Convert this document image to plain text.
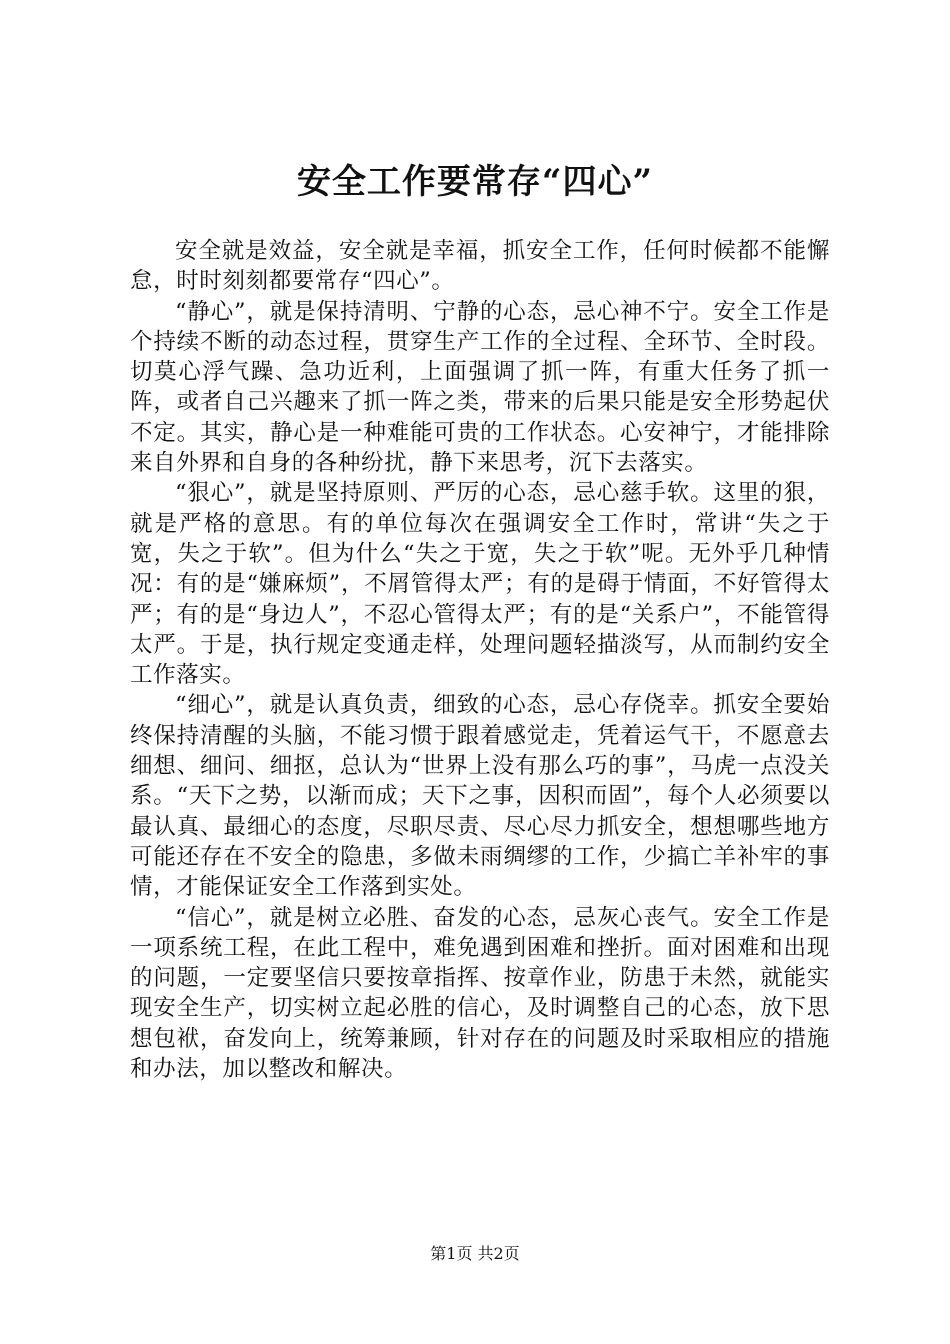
安全工作要常存“四心”

安全就是效益，安全就是幸福，抓安全工作，任何时候都不能懈怠，时时刻刻都要常存“四心”。

“静心”，就是保持清明、宁静的心态，忌心神不宁。安全工作是个持续不断的动态过程，贯穿生产工作的全过程、全环节、全时段。切莫心浮气躁、急功近利，上面强调了抓一阵，有重大任务了抓一阵，或者自己兴趣来了抓一阵之类，带来的后果只能是安全形势起伏不定。其实，静心是一种难能可贵的工作状态。心安神宁，才能排除来自外界和自身的各种纷扰，静下来思考，沉下去落实。

“狠心”，就是坚持原则、严厉的心态，忌心慈手软。这里的狠，就是严格的意思。有的单位每次在强调安全工作时，常讲“失之于宽，失之于软”。但为什么“失之于宽，失之于软”呢。无外乎几种情况：有的是“嫌麻烦”，不屑管得太严；有的是碍于情面，不好管得太严；有的是“身边人”，不忍心管得太严；有的是“关系户”，不能管得太严。于是，执行规定变通走样，处理问题轻描淡写，从而制约安全工作落实。

“细心”，就是认真负责，细致的心态，忌心存侥幸。抓安全要始终保持清醒的头脑，不能习惯于跟着感觉走，凭着运气干，不愿意去细想、细问、细抠，总认为“世界上没有那么巧的事”，马虎一点没关系。“天下之势，以渐而成；天下之事，因积而固”，每个人必须要以最认真、最细心的态度，尽职尽责、尽心尽力抓安全，想想哪些地方可能还存在不安全的隐患，多做未雨绸缪的工作，少搞亡羊补牢的事情，才能保证安全工作落到实处。

“信心”，就是树立必胜、奋发的心态，忌灰心丧气。安全工作是一项系统工程，在此工程中，难免遇到困难和挫折。面对困难和出现的问题，一定要坚信只要按章指挥、按章作业，防患于未然，就能实现安全生产，切实树立起必胜的信心，及时调整自己的心态，放下思想包袱，奋发向上，统筹兼顾，针对存在的问题及时采取相应的措施和办法，加以整改和解决。

第1页 共2页
